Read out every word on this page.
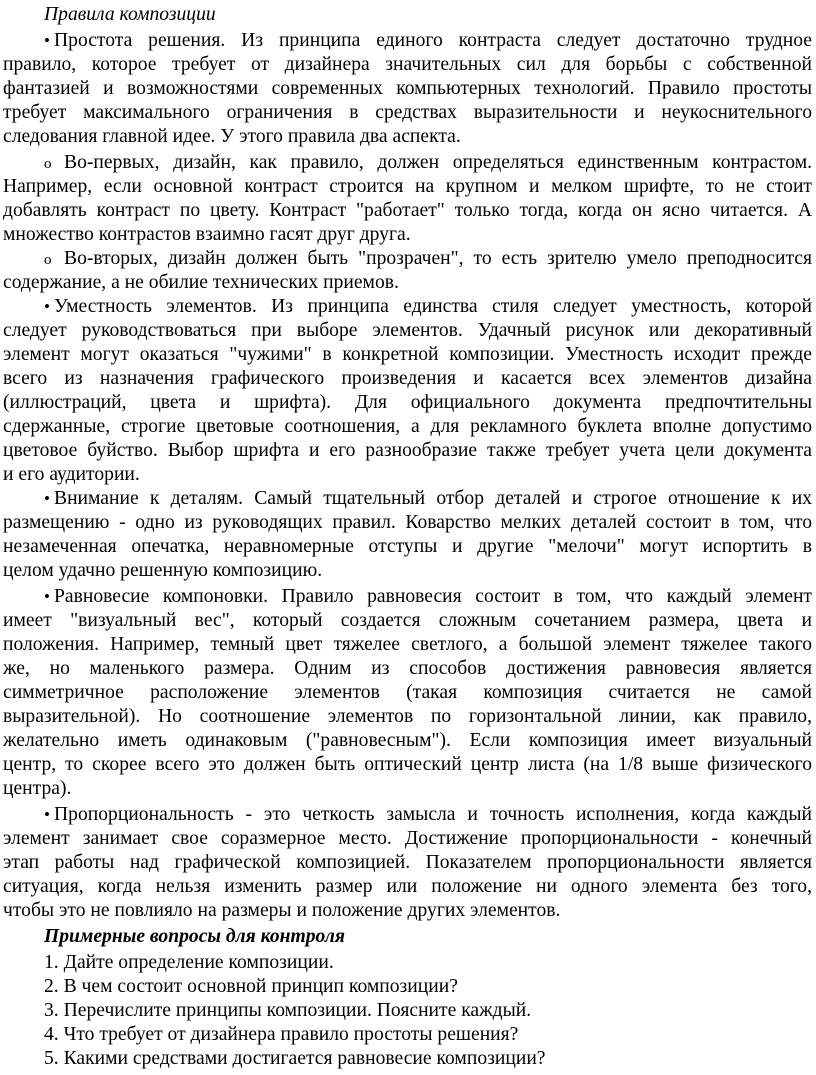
Правила композиции
• Простота решения. Из принципа единого контраста следует достаточно трудное
правило, которое требует от дизайнера значительных сил для борьбы с собственной
фантазией и возможностями современных компьютерных технологий. Правило простоты
требует максимального ограничения в средствах выразительности и неукоснительного
следования главной идее. У этого правила два аспекта.
o Во-первых, дизайн, как правило, должен определяться единственным контрастом.
Например, если основной контраст строится на крупном и мелком шрифте, то не стоит
добавлять контраст по цвету. Контраст "работает" только тогда, когда он ясно читается. А
множество контрастов взаимно гасят друг друга.
o Во-вторых, дизайн должен быть "прозрачен", то есть зрителю умело преподносится
содержание, а не обилие технических приемов.
• Уместность элементов. Из принципа единства стиля следует уместность, которой
следует руководствоваться при выборе элементов. Удачный рисунок или декоративный
элемент могут оказаться "чужими" в конкретной композиции. Уместность исходит прежде
всего из назначения графического произведения и касается всех элементов дизайна
(иллюстраций, цвета и шрифта). Для официального документа предпочтительны
сдержанные, строгие цветовые соотношения, а для рекламного буклета вполне допустимо
цветовое буйство. Выбор шрифта и его разнообразие также требует учета цели документа
и его аудитории.
• Внимание к деталям. Самый тщательный отбор деталей и строгое отношение к их
размещению - одно из руководящих правил. Коварство мелких деталей состоит в том, что
незамеченная опечатка, неравномерные отступы и другие "мелочи" могут испортить в
целом удачно решенную композицию.
• Равновесие компоновки. Правило равновесия состоит в том, что каждый элемент
имеет "визуальный вес", который создается сложным сочетанием размера, цвета и
положения. Например, темный цвет тяжелее светлого, а большой элемент тяжелее такого
же, но маленького размера. Одним из способов достижения равновесия является
симметричное расположение элементов (такая композиция считается не самой
выразительной). Но соотношение элементов по горизонтальной линии, как правило,
желательно иметь одинаковым ("равновесным"). Если композиция имеет визуальный
центр, то скорее всего это должен быть оптический центр листа (на 1/8 выше физического
центра).
• Пропорциональность - это четкость замысла и точность исполнения, когда каждый
элемент занимает свое соразмерное место. Достижение пропорциональности - конечный
этап работы над графической композицией. Показателем пропорциональности является
ситуация, когда нельзя изменить размер или положение ни одного элемента без того,
чтобы это не повлияло на размеры и положение других элементов.
Примерные вопросы для контроля
1. Дайте определение композиции.
2. В чем состоит основной принцип композиции?
3. Перечислите принципы композиции. Поясните каждый.
4. Что требует от дизайнера правило простоты решения?
5. Какими средствами достигается равновесие композиции?
